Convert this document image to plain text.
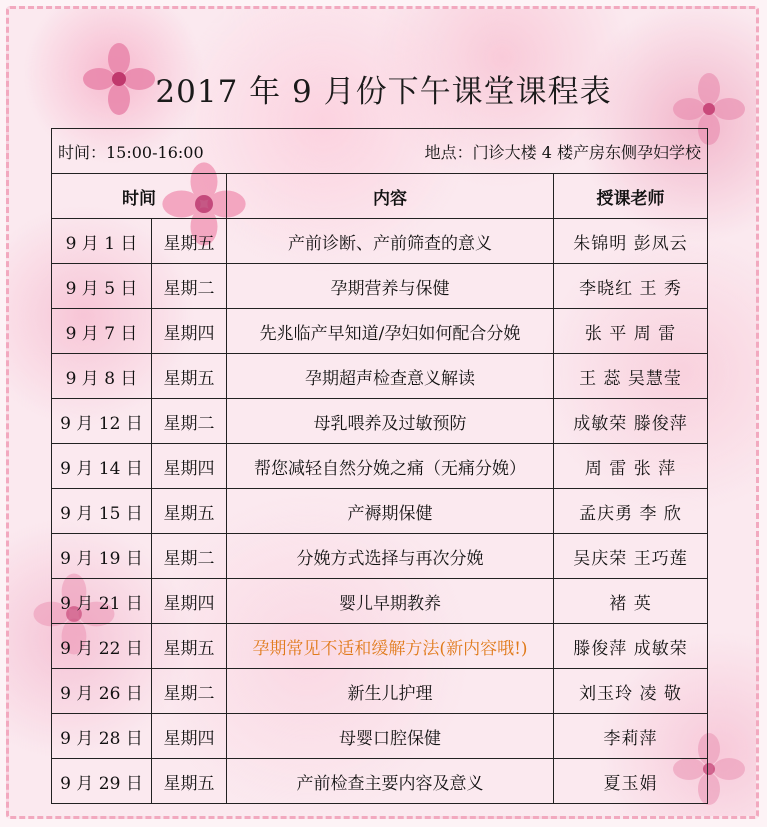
2017 年 9 月份下午课堂课程表
时间：15:00-16:00 地点：门诊大楼 4 楼产房东侧孕妇学校			

时间		内容	授课老师
9 月 1 日	星期五	产前诊断、产前筛查的意义	朱锦明 彭凤云
9 月 5 日	星期二	孕期营养与保健	李晓红 王 秀
9 月 7 日	星期四	先兆临产早知道/孕妇如何配合分娩	张 平 周 雷
9 月 8 日	星期五	孕期超声检查意义解读	王 蕊 吴慧莹
9 月 12 日	星期二	母乳喂养及过敏预防	成敏荣 滕俊萍
9 月 14 日	星期四	帮您减轻自然分娩之痛（无痛分娩）	周 雷 张 萍
9 月 15 日	星期五	产褥期保健	孟庆勇 李 欣
9 月 19 日	星期二	分娩方式选择与再次分娩	吴庆荣 王巧莲
9 月 21 日	星期四	婴儿早期教养	褚 英
9 月 22 日	星期五	孕期常见不适和缓解方法(新内容哦!)	滕俊萍 成敏荣
9 月 26 日	星期二	新生儿护理	刘玉玲 凌 敬
9 月 28 日	星期四	母婴口腔保健	李莉萍
9 月 29 日	星期五	产前检查主要内容及意义	夏玉娟
